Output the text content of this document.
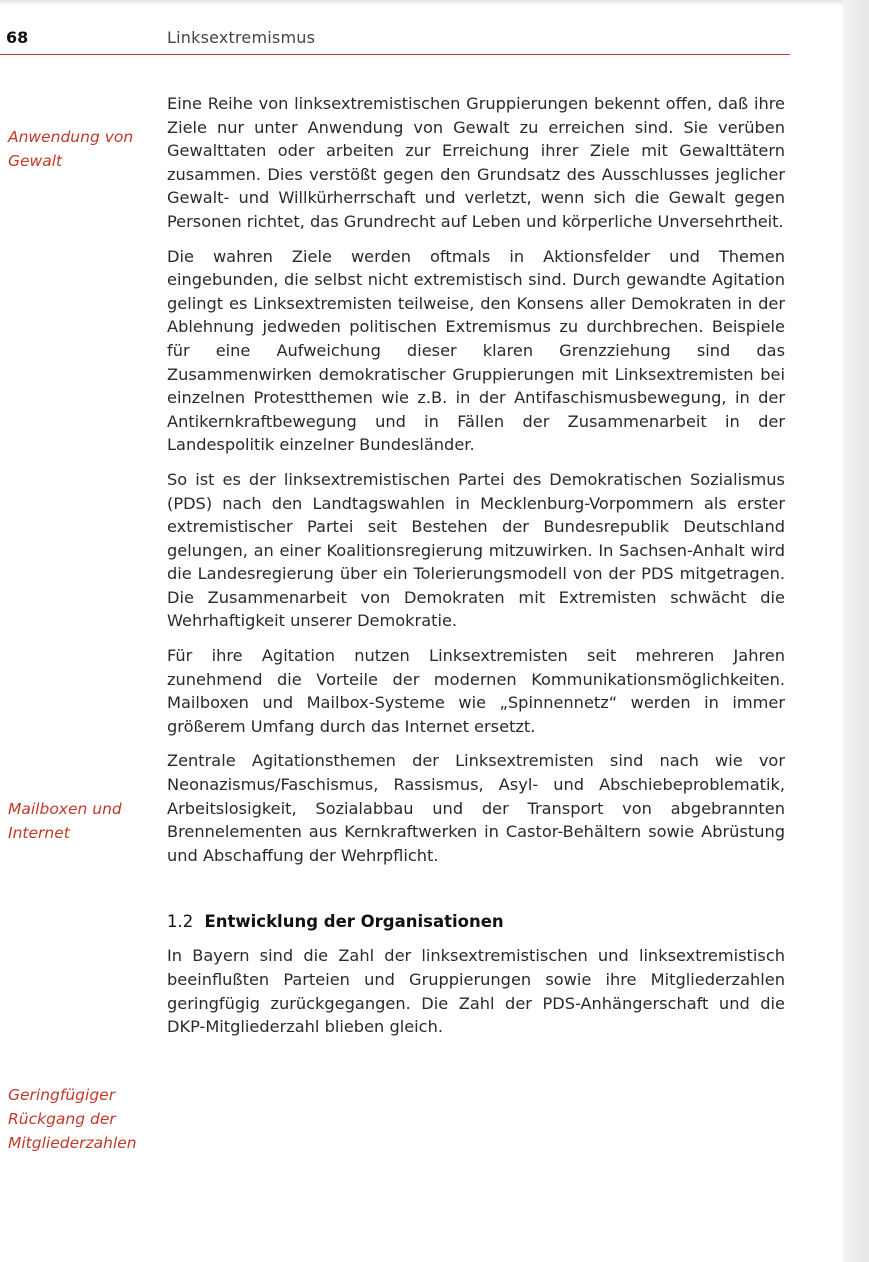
68	Linksextremismus
Anwendung von Gewalt
Mailboxen und Internet
Geringfügiger Rückgang der Mitgliederzahlen

Eine Reihe von linksextremistischen Gruppierungen bekennt offen, daß ihre Ziele nur unter Anwendung von Gewalt zu erreichen sind. Sie verüben Gewalttaten oder arbeiten zur Erreichung ihrer Ziele mit Gewalttätern zusammen. Dies verstößt gegen den Grundsatz des Ausschlusses jeglicher Gewalt- und Willkürherrschaft und verletzt, wenn sich die Gewalt gegen Personen richtet, das Grundrecht auf Leben und körperliche Unversehrtheit.

Die wahren Ziele werden oftmals in Aktionsfelder und Themen eingebunden, die selbst nicht extremistisch sind. Durch gewandte Agitation gelingt es Linksextremisten teilweise, den Konsens aller Demokraten in der Ablehnung jedweden politischen Extremismus zu durchbrechen. Beispiele für eine Aufweichung dieser klaren Grenzziehung sind das Zusammenwirken demokratischer Gruppierungen mit Linksextremisten bei einzelnen Protestthemen wie z.B. in der Antifaschismusbewegung, in der Antikernkraftbewegung und in Fällen der Zusammenarbeit in der Landespolitik einzelner Bundesländer.

So ist es der linksextremistischen Partei des Demokratischen Sozialismus (PDS) nach den Landtagswahlen in Mecklenburg-Vorpommern als erster extremistischer Partei seit Bestehen der Bundesrepublik Deutschland gelungen, an einer Koalitionsregierung mitzuwirken. In Sachsen-Anhalt wird die Landesregierung über ein Tolerierungsmodell von der PDS mitgetragen. Die Zusammenarbeit von Demokraten mit Extremisten schwächt die Wehrhaftigkeit unserer Demokratie.

Für ihre Agitation nutzen Linksextremisten seit mehreren Jahren zunehmend die Vorteile der modernen Kommunikationsmöglichkeiten. Mailboxen und Mailbox-Systeme wie „Spinnennetz“ werden in immer größerem Umfang durch das Internet ersetzt.

Zentrale Agitationsthemen der Linksextremisten sind nach wie vor Neonazismus/Faschismus, Rassismus, Asyl- und Abschiebeproblematik, Arbeitslosigkeit, Sozialabbau und der Transport von abgebrannten Brennelementen aus Kernkraftwerken in Castor-Behältern sowie Abrüstung und Abschaffung der Wehrpflicht.

1.2 Entwicklung der Organisationen

In Bayern sind die Zahl der linksextremistischen und linksextremistisch beeinflußten Parteien und Gruppierungen sowie ihre Mitgliederzahlen geringfügig zurückgegangen. Die Zahl der PDS-Anhängerschaft und die DKP-Mitgliederzahl blieben gleich.
